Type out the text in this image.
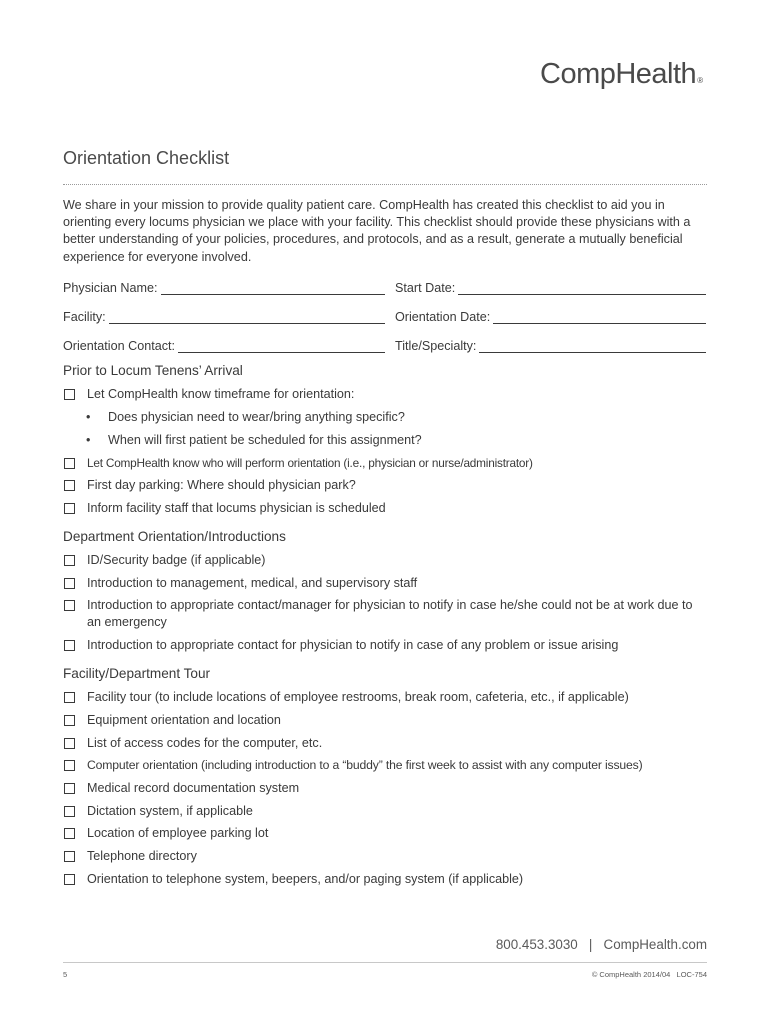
CompHealth®
Orientation Checklist
We share in your mission to provide quality patient care. CompHealth has created this checklist to aid you in orienting every locums physician we place with your facility. This checklist should provide these physicians with a better understanding of your policies, procedures, and protocols, and as a result, generate a mutually beneficial experience for everyone involved.
Physician Name:	Start Date:
Facility:	Orientation Date:
Orientation Contact:	Title/Specialty:
Prior to Locum Tenens’ Arrival
Let CompHealth know timeframe for orientation:
•	Does physician need to wear/bring anything specific?
•	When will first patient be scheduled for this assignment?
Let CompHealth know who will perform orientation (i.e., physician or nurse/administrator)
First day parking: Where should physician park?
Inform facility staff that locums physician is scheduled
Department Orientation/Introductions
ID/Security badge (if applicable)
Introduction to management, medical, and supervisory staff
Introduction to appropriate contact/manager for physician to notify in case he/she could not be at work due to an emergency
Introduction to appropriate contact for physician to notify in case of any problem or issue arising
Facility/Department Tour
Facility tour (to include locations of employee restrooms, break room, cafeteria, etc., if applicable)
Equipment orientation and location
List of access codes for the computer, etc.
Computer orientation (including introduction to a “buddy” the first week to assist with any computer issues)
Medical record documentation system
Dictation system, if applicable
Location of employee parking lot
Telephone directory
Orientation to telephone system, beepers, and/or paging system (if applicable)
800.453.3030   |   CompHealth.com
5	© CompHealth 2014/04   LOC-754
